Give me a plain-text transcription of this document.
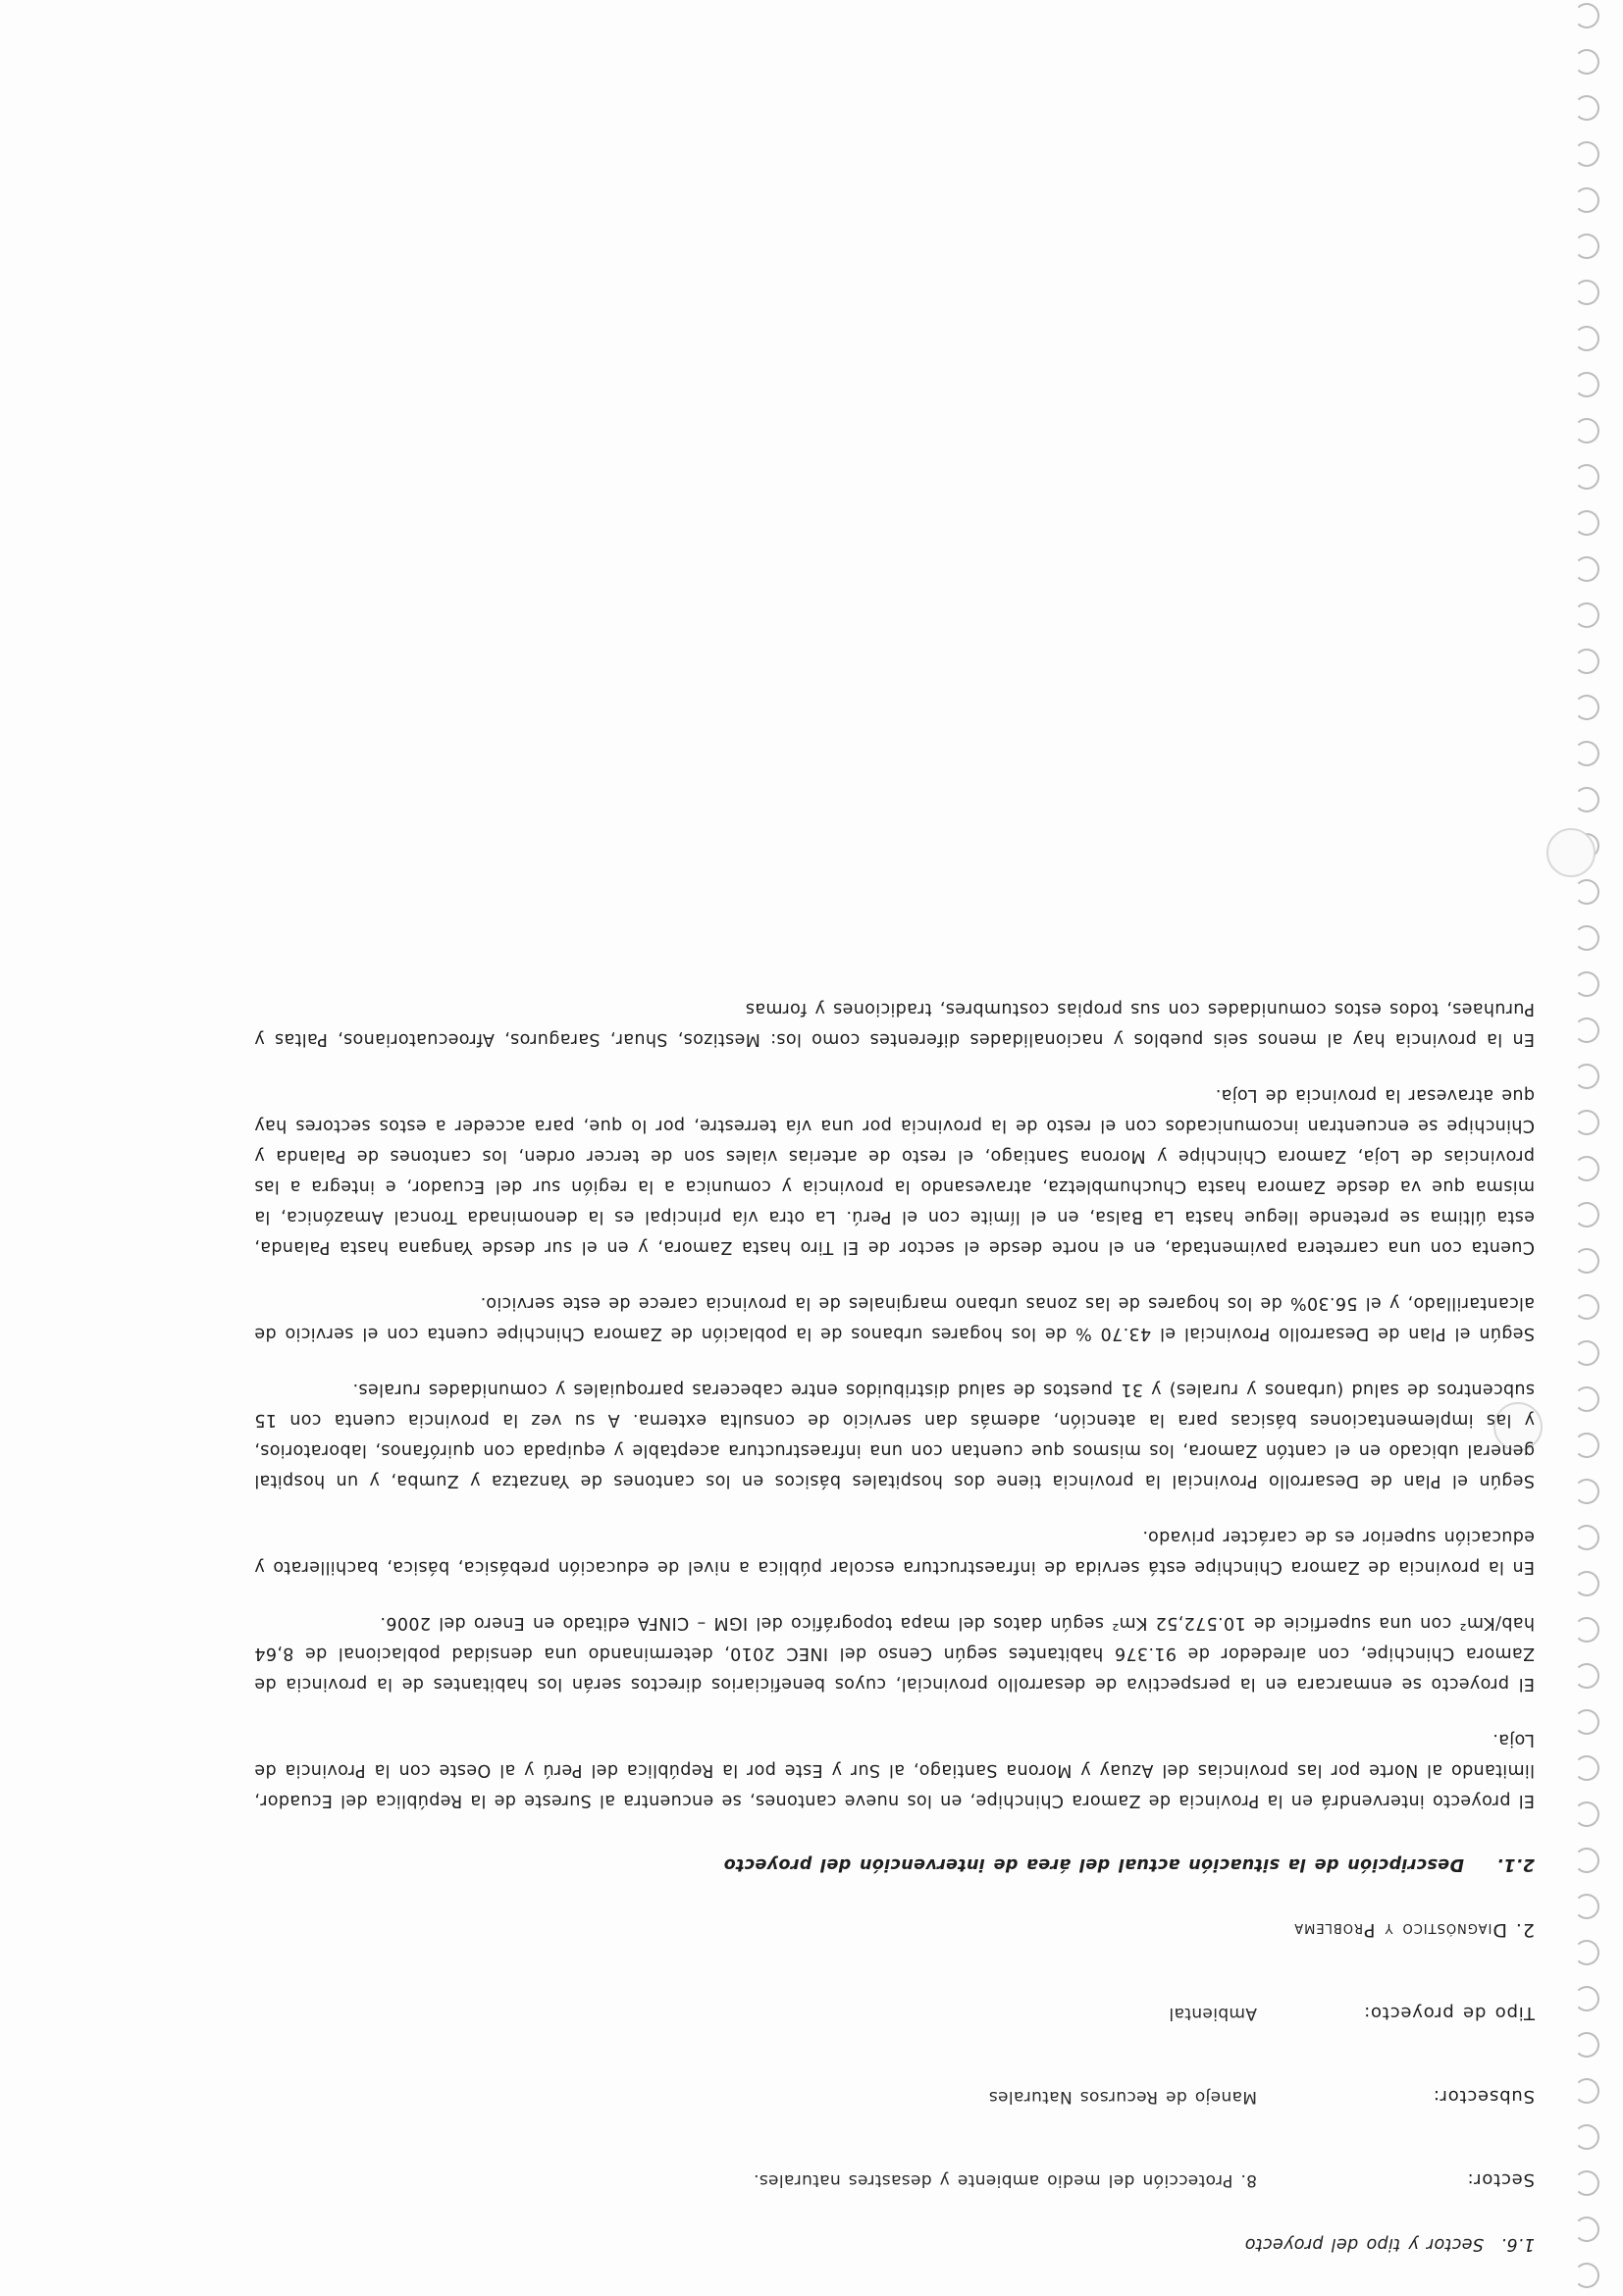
1.6.Sector y tipo del proyecto
Sector:
8. Protección del medio ambiente y desastres naturales.
Subsector:
Manejo de Recursos Naturales
Tipo de proyecto:
Ambiental
2.Diagnóstico y Problema
2.1.Descripción de la situación actual del área de intervención del proyecto

El proyecto intervendrá en la Provincia de Zamora Chinchipe, en los nueve cantones, se encuentra al Sureste de la República del Ecuador, limitando al Norte por las provincias del Azuay y Morona Santiago, al Sur y Este por la República del Perú y al Oeste con la Provincia de Loja.

El proyecto se enmarcara en la perspectiva de desarrollo provincial, cuyos beneficiarios directos serán los habitantes de la provincia de Zamora Chinchipe, con alrededor de 91.376 habitantes según Censo del INEC 2010, determinando una densidad poblacional de 8,64 hab/Km² con una superficie de 10.572,52 Km² según datos del mapa topográfico del IGM – CINFA editado en Enero del 2006.

En la provincia de Zamora Chinchipe está servida de infraestructura escolar pública a nivel de educación prebásica, básica, bachillerato y educación superior es de carácter privado.

Según el Plan de Desarrollo Provincial la provincia tiene dos hospitales básicos en los cantones de Yanzatza y Zumba, y un hospital general ubicado en el cantón Zamora, los mismos que cuentan con una infraestructura aceptable y equipada con quirófanos, laboratorios, y las implementaciones básicas para la atención, además dan servicio de consulta externa. A su vez la provincia cuenta con 15 subcentros de salud (urbanos y rurales) y 31 puestos de salud distribuidos entre cabeceras parroquiales y comunidades rurales.

Según el Plan de Desarrollo Provincial el 43.70 % de los hogares urbanos de la población de Zamora Chinchipe cuenta con el servicio de alcantarillado, y el 56.30% de los hogares de las zonas urbano marginales de la provincia carece de este servicio.

Cuenta con una carretera pavimentada, en el norte desde el sector de El Tiro hasta Zamora, y en el sur desde Yangana hasta Palanda, esta última se pretende llegue hasta La Balsa, en el límite con el Perú. La otra vía principal es la denominada Troncal Amazónica, la misma que va desde Zamora hasta Chuchumbletza, atravesando la provincia y comunica a la región sur del Ecuador, e integra a las provincias de Loja, Zamora Chinchipe y Morona Santiago, el resto de arterias viales son de tercer orden, los cantones de Palanda y Chinchipe se encuentran incomunicados con el resto de la provincia por una vía terrestre, por lo que, para acceder a estos sectores hay que atravesar la provincia de Loja.

En la provincia hay al menos seis pueblos y nacionalidades diferentes como los: Mestizos, Shuar, Saraguros, Afroecuatorianos, Paltas y Puruhaes, todos estos comunidades con sus propias costumbres, tradiciones y formas
